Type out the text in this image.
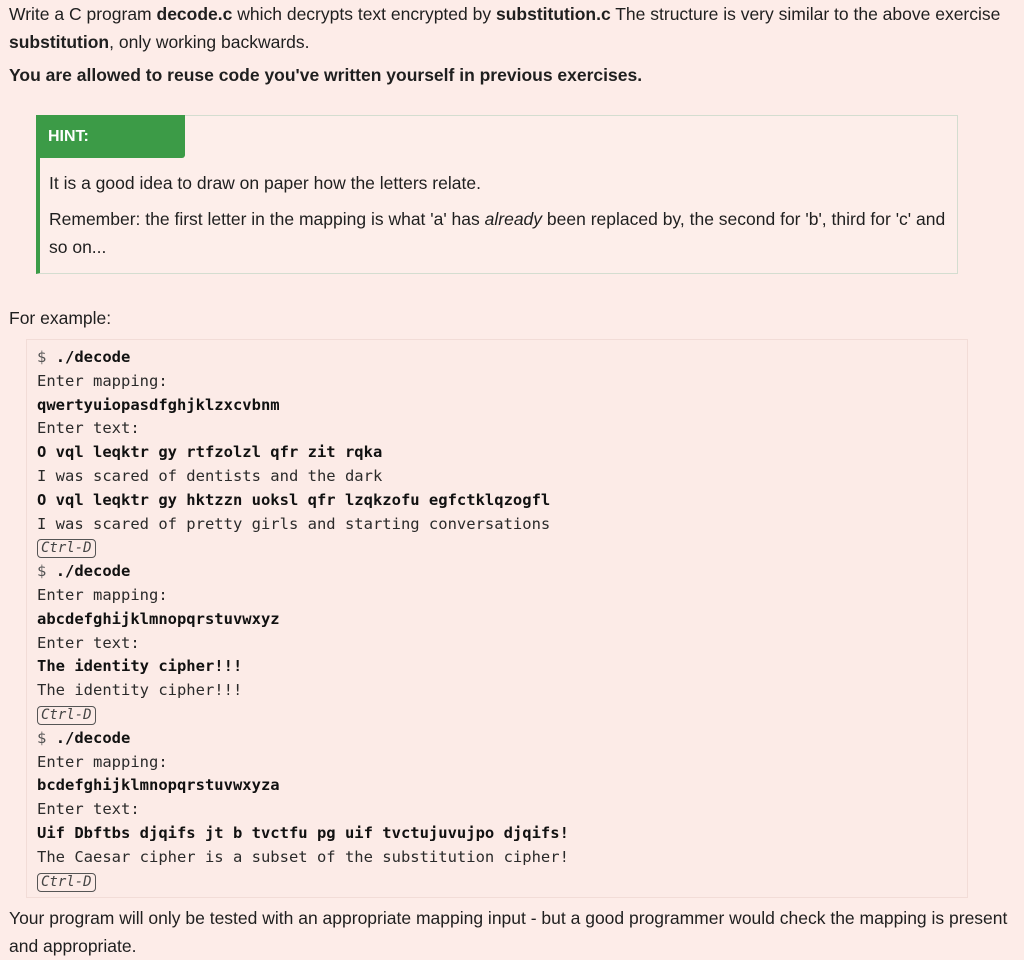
Write a C program decode.c which decrypts text encrypted by substitution.c The structure is very similar to the above exercise substitution, only working backwards.

You are allowed to reuse code you've written yourself in previous exercises.

HINT:

It is a good idea to draw on paper how the letters relate.

Remember: the first letter in the mapping is what 'a' has already been replaced by, the second for 'b', third for 'c' and so on...

For example:

$ ./decode
Enter mapping:
qwertyuiopasdfghjklzxcvbnm
Enter text:
O vql leqktr gy rtfzolzl qfr zit rqka
I was scared of dentists and the dark
O vql leqktr gy hktzzn uoksl qfr lzqkzofu egfctklqzogfl
I was scared of pretty girls and starting conversations
Ctrl-D
$ ./decode
Enter mapping:
abcdefghijklmnopqrstuvwxyz
Enter text:
The identity cipher!!!
The identity cipher!!!
Ctrl-D
$ ./decode
Enter mapping:
bcdefghijklmnopqrstuvwxyza
Enter text:
Uif Dbftbs djqifs jt b tvctfu pg uif tvctujuvujpo djqifs!
The Caesar cipher is a subset of the substitution cipher!
Ctrl-D

Your program will only be tested with an appropriate mapping input - but a good programmer would check the mapping is present and appropriate.
